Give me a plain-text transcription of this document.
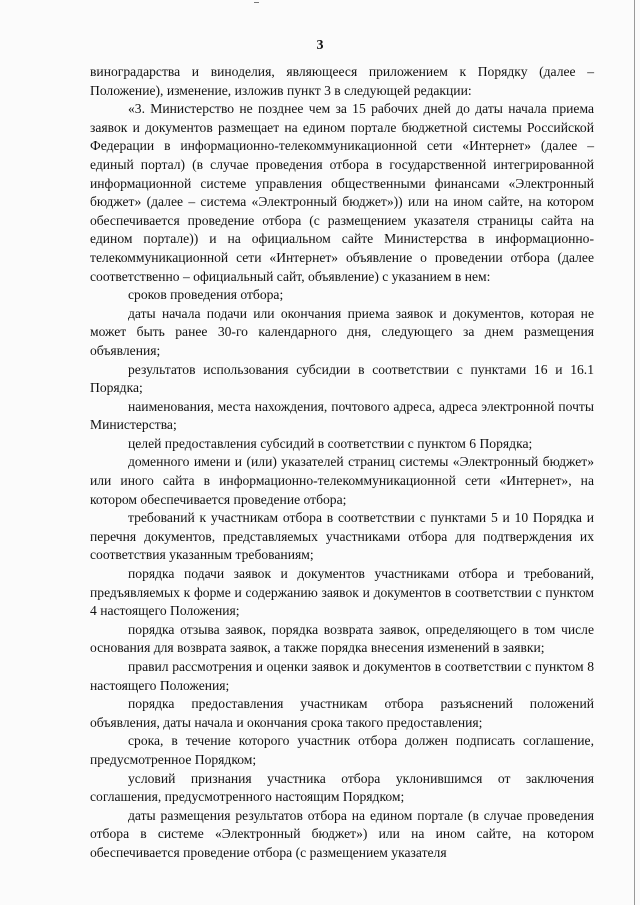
3

виноградарства и виноделия, являющееся приложением к Порядку (далее – Положение), изменение, изложив пункт 3 в следующей редакции:

«3. Министерство не позднее чем за 15 рабочих дней до даты начала приема заявок и документов размещает на едином портале бюджетной системы Российской Федерации в информационно-телекоммуникационной сети «Интернет» (далее – единый портал) (в случае проведения отбора в государственной интегрированной информационной системе управления общественными финансами «Электронный бюджет» (далее – система «Электронный бюджет»)) или на ином сайте, на котором обеспечивается проведение отбора (с размещением указателя страницы сайта на едином портале)) и на официальном сайте Министерства в информационно-телекоммуникационной сети «Интернет» объявление о проведении отбора (далее соответственно – официальный сайт, объявление) с указанием в нем:

сроков проведения отбора;

даты начала подачи или окончания приема заявок и документов, которая не может быть ранее 30-го календарного дня, следующего за днем размещения объявления;

результатов использования субсидии в соответствии с пунктами 16 и 16.1 Порядка;

наименования, места нахождения, почтового адреса, адреса электронной почты Министерства;

целей предоставления субсидий в соответствии с пунктом 6 Порядка;

доменного имени и (или) указателей страниц системы «Электронный бюджет» или иного сайта в информационно-телекоммуникационной сети «Интернет», на котором обеспечивается проведение отбора;

требований к участникам отбора в соответствии с пунктами 5 и 10 Порядка и перечня документов, представляемых участниками отбора для подтверждения их соответствия указанным требованиям;

порядка подачи заявок и документов участниками отбора и требований, предъявляемых к форме и содержанию заявок и документов в соответствии с пунктом 4 настоящего Положения;

порядка отзыва заявок, порядка возврата заявок, определяющего в том числе основания для возврата заявок, а также порядка внесения изменений в заявки;

правил рассмотрения и оценки заявок и документов в соответствии с пунктом 8 настоящего Положения;

порядка предоставления участникам отбора разъяснений положений объявления, даты начала и окончания срока такого предоставления;

срока, в течение которого участник отбора должен подписать соглашение, предусмотренное Порядком;

условий признания участника отбора уклонившимся от заключения соглашения, предусмотренного настоящим Порядком;

даты размещения результатов отбора на едином портале (в случае проведения отбора в системе «Электронный бюджет») или на ином сайте, на котором обеспечивается проведение отбора (с размещением указателя
